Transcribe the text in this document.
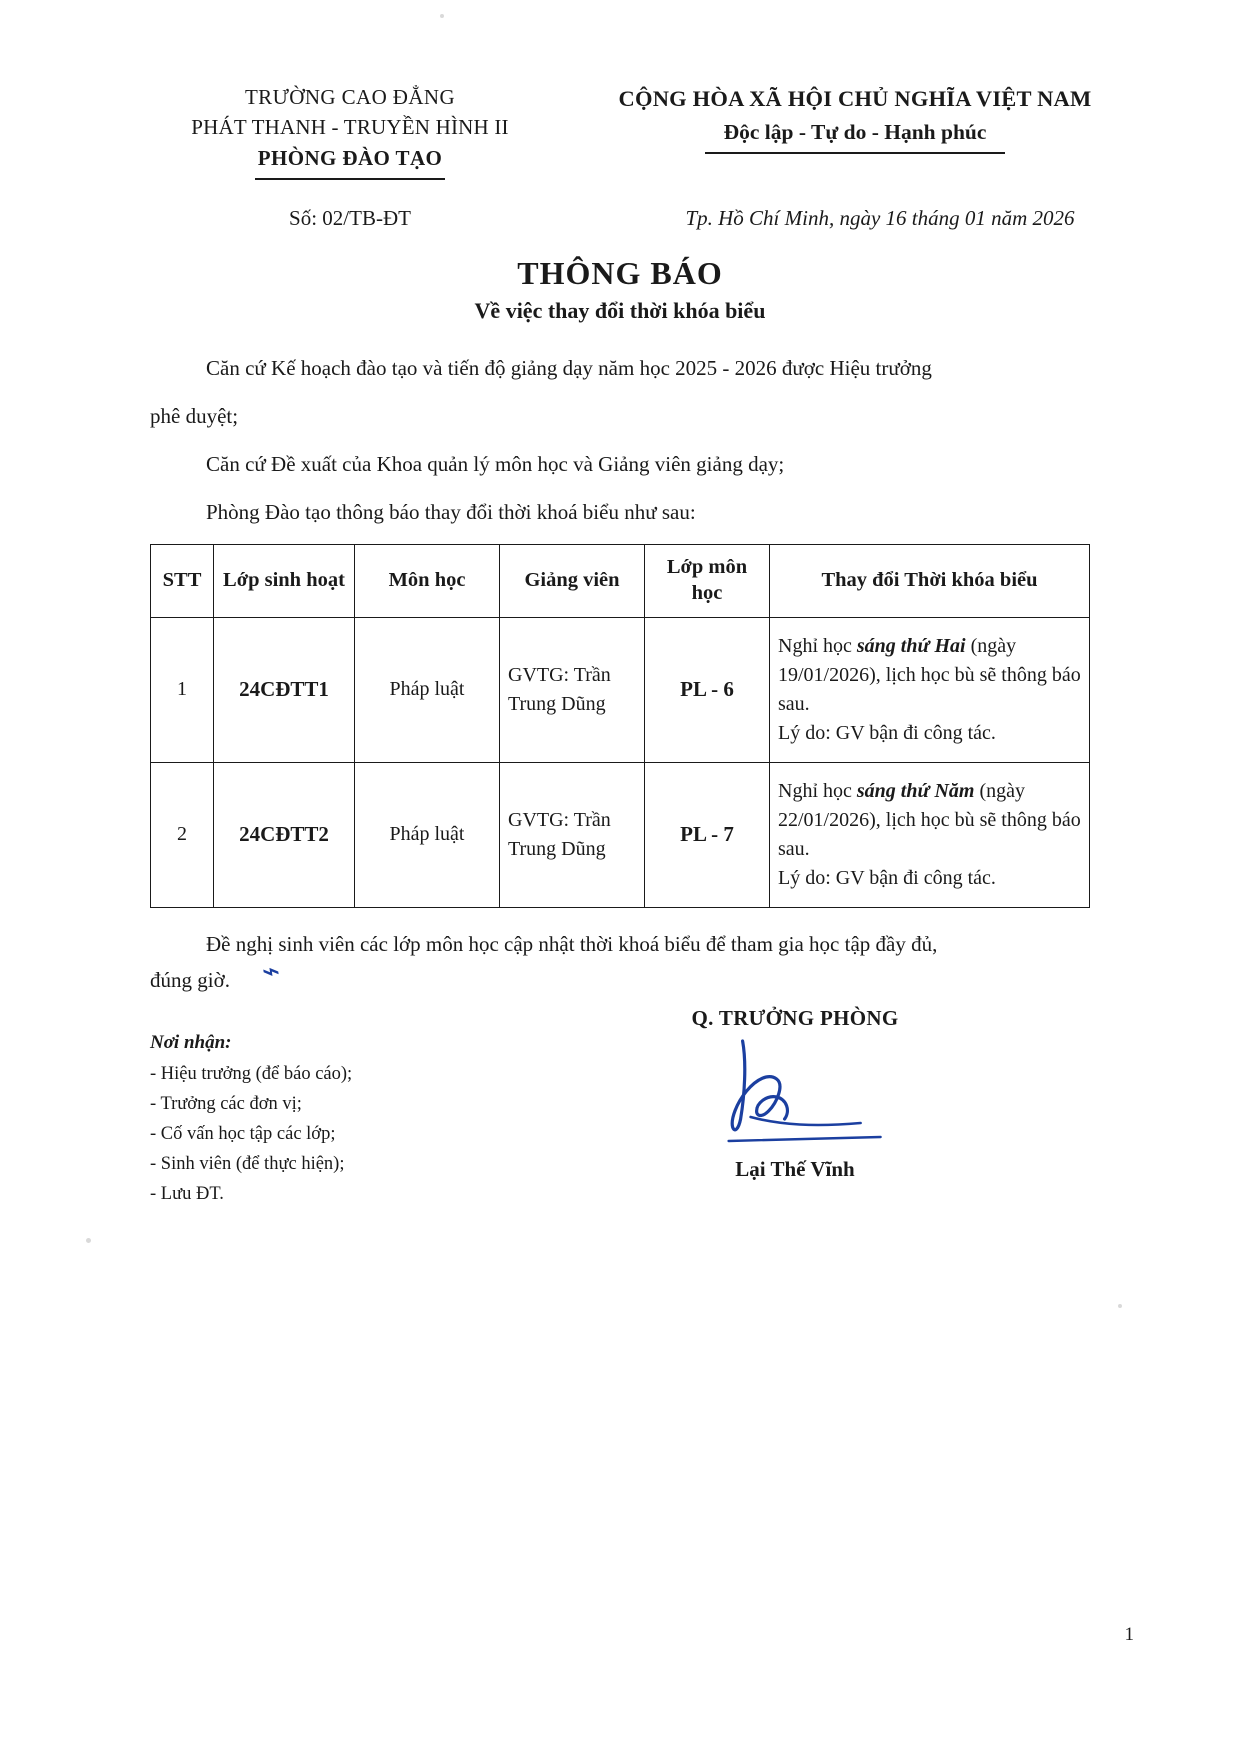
TRƯỜNG CAO ĐẲNG
PHÁT THANH - TRUYỀN HÌNH II
PHÒNG ĐÀO TẠO
CỘNG HÒA XÃ HỘI CHỦ NGHĨA VIỆT NAM
Độc lập - Tự do - Hạnh phúc
Số: 02/TB-ĐT	Tp. Hồ Chí Minh, ngày 16 tháng 01 năm 2026
THÔNG BÁO
Về việc thay đổi thời khóa biểu

Căn cứ Kế hoạch đào tạo và tiến độ giảng dạy năm học 2025 - 2026 được Hiệu trưởng

phê duyệt;

Căn cứ Đề xuất của Khoa quản lý môn học và Giảng viên giảng dạy;

Phòng Đào tạo thông báo thay đổi thời khoá biểu như sau:

STT	Lớp sinh hoạt	Môn học	Giảng viên	Lớp môn học	Thay đổi Thời khóa biểu
1	24CĐTT1	Pháp luật	GVTG: Trần Trung Dũng	PL - 6	Nghỉ học sáng thứ Hai (ngày 19/01/2026), lịch học bù sẽ thông báo sau.
Lý do: GV bận đi công tác.

2	24CĐTT2	Pháp luật	GVTG: Trần Trung Dũng	PL - 7	Nghỉ học sáng thứ Năm (ngày 22/01/2026), lịch học bù sẽ thông báo sau.
Lý do: GV bận đi công tác.

Đề nghị sinh viên các lớp môn học cập nhật thời khoá biểu để tham gia học tập đầy đủ,

đúng giờ. ⌁

Nơi nhận:
- Hiệu trưởng (để báo cáo);
- Trưởng các đơn vị;
- Cố vấn học tập các lớp;
- Sinh viên (để thực hiện);
- Lưu ĐT.
Q. TRƯỞNG PHÒNG
Lại Thế Vĩnh
1
